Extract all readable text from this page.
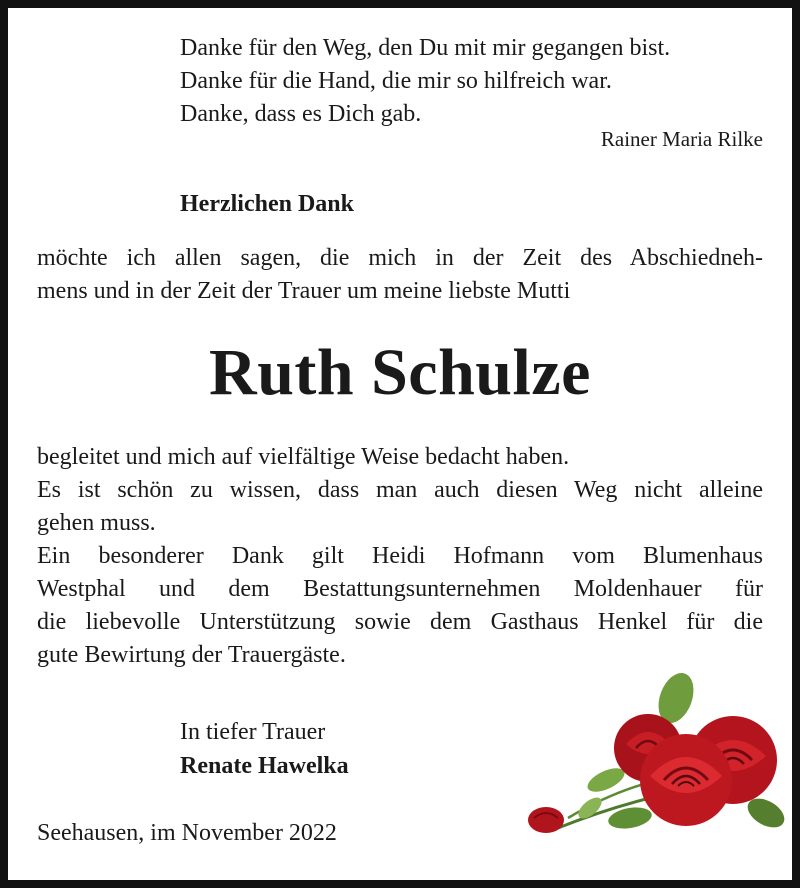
Danke für den Weg, den Du mit mir gegangen bist.
Danke für die Hand, die mir so hilfreich war.
Danke, dass es Dich gab.
Rainer Maria Rilke
Herzlichen Dank
möchte ich allen sagen, die mich in der Zeit des Abschiedneh-
mens und in der Zeit der Trauer um meine liebste Mutti
Ruth Schulze
begleitet und mich auf vielfältige Weise bedacht haben.
Es ist schön zu wissen, dass man auch diesen Weg nicht alleine
gehen muss.
Ein besonderer Dank gilt Heidi Hofmann vom Blumenhaus
Westphal und dem Bestattungsunternehmen Moldenhauer für
die liebevolle Unterstützung sowie dem Gasthaus Henkel für die
gute Bewirtung der Trauergäste.
In tiefer Trauer
Renate Hawelka
Seehausen, im November 2022
